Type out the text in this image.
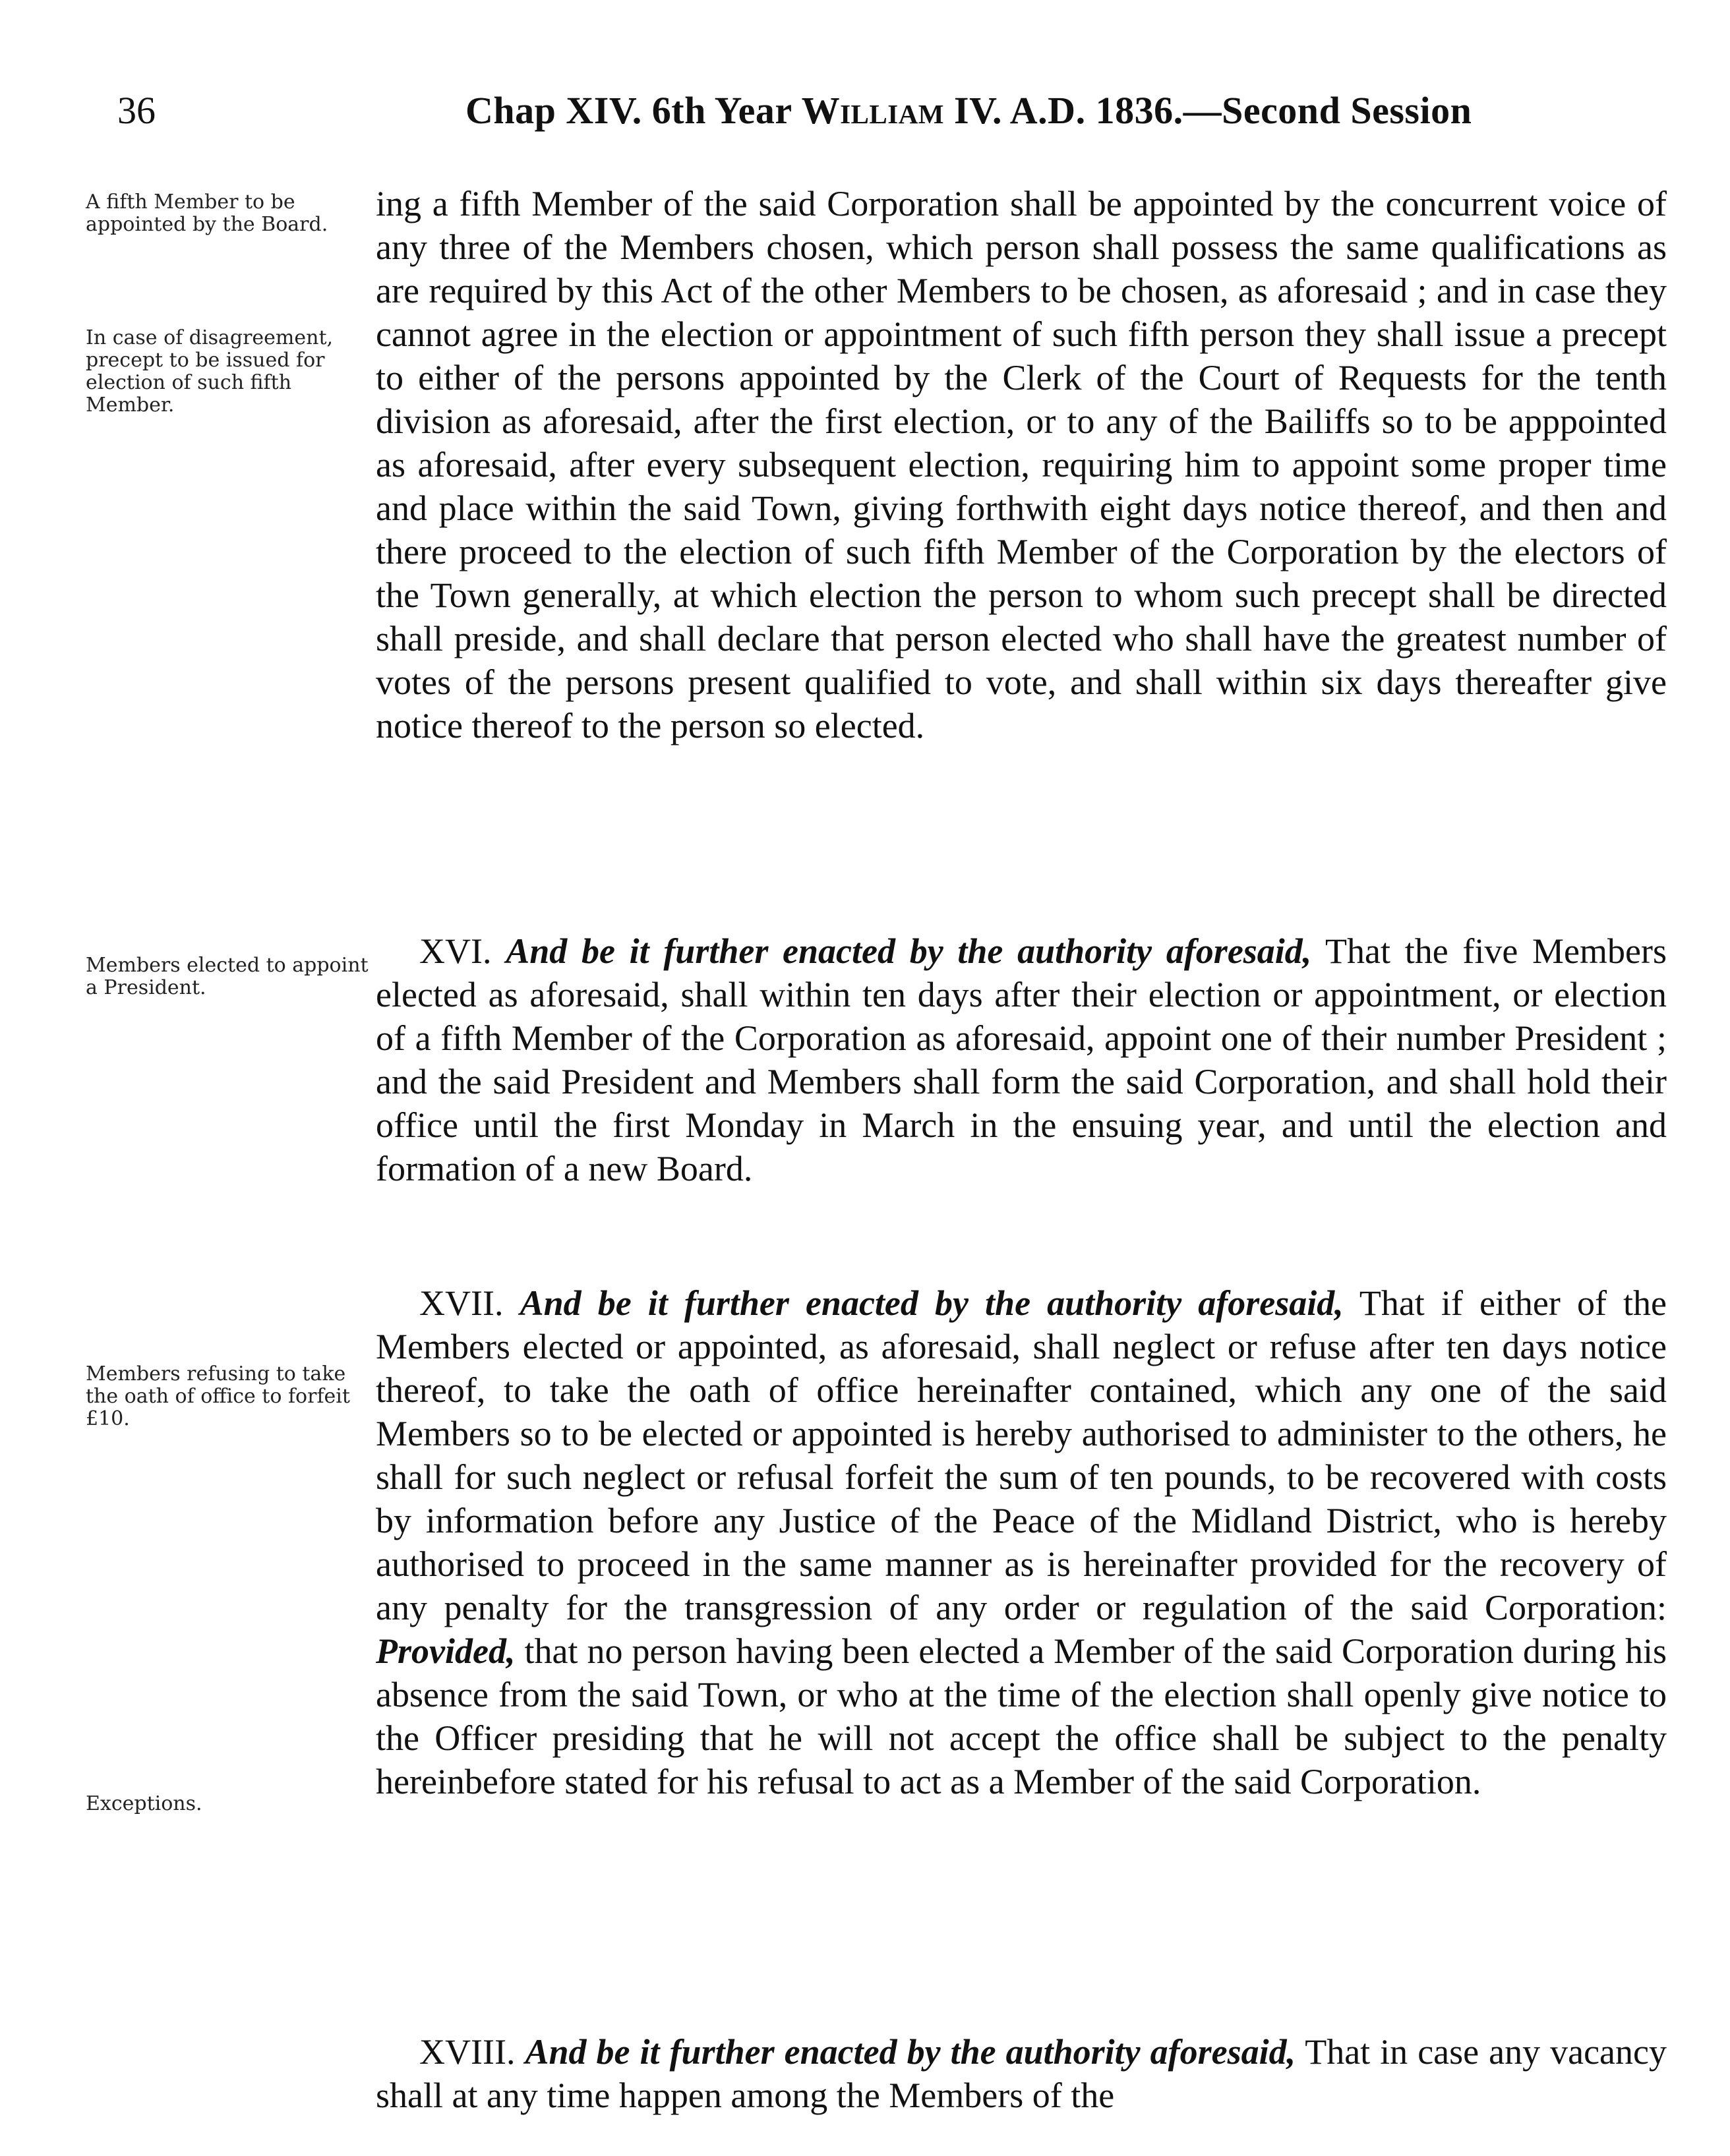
36	Chap XIV. 6th Year William IV. A.D. 1836.—Second Session
A fifth Member to be appointed by the Board.
In case of disagreement, precept to be issued for election of such fifth Member.
Members elected to appoint a President.
Members refusing to take the oath of office to forfeit £10.
Exceptions.

ing a fifth Member of the said Corporation shall be appointed by the concurrent voice of any three of the Members chosen, which person shall possess the same qualifications as are required by this Act of the other Members to be chosen, as aforesaid ; and in case they cannot agree in the election or appointment of such fifth person they shall issue a precept to either of the persons appointed by the Clerk of the Court of Requests for the tenth division as aforesaid, after the first election, or to any of the Bailiffs so to be apppointed as aforesaid, after every subsequent election, requiring him to appoint some proper time and place within the said Town, giving forthwith eight days notice thereof, and then and there proceed to the election of such fifth Member of the Corporation by the electors of the Town generally, at which election the person to whom such precept shall be directed shall preside, and shall declare that person elected who shall have the greatest number of votes of the persons present qualified to vote, and shall within six days thereafter give notice thereof to the person so elected.

XVI. And be it further enacted by the authority aforesaid, That the five Members elected as aforesaid, shall within ten days after their election or appointment, or election of a fifth Member of the Corporation as aforesaid, appoint one of their number President ; and the said President and Members shall form the said Corporation, and shall hold their office until the first Monday in March in the ensuing year, and until the election and formation of a new Board.

XVII. And be it further enacted by the authority aforesaid, That if either of the Members elected or appointed, as aforesaid, shall neglect or refuse after ten days notice thereof, to take the oath of office hereinafter contained, which any one of the said Members so to be elected or appointed is hereby authorised to administer to the others, he shall for such neglect or refusal forfeit the sum of ten pounds, to be recovered with costs by information before any Justice of the Peace of the Midland District, who is hereby authorised to proceed in the same manner as is hereinafter provided for the recovery of any penalty for the transgression of any order or regulation of the said Corporation: Provided, that no person having been elected a Member of the said Corporation during his absence from the said Town, or who at the time of the election shall openly give notice to the Officer presiding that he will not accept the office shall be subject to the penalty hereinbefore stated for his refusal to act as a Member of the said Corporation.

XVIII. And be it further enacted by the authority aforesaid, That in case any vacancy shall at any time happen among the Members of the
